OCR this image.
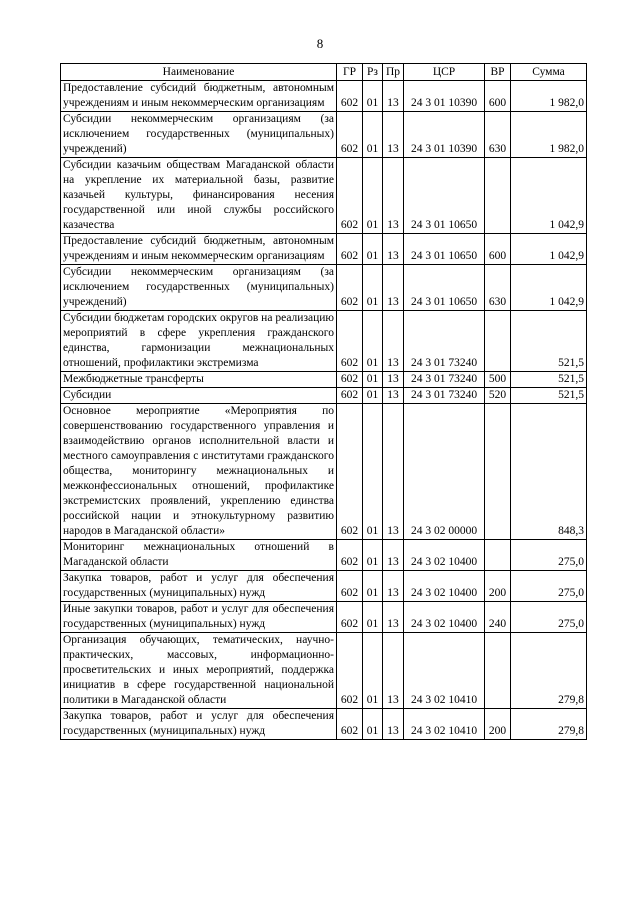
8
Наименование	ГР	Рз	Пр	ЦСР	ВР	Сумма
Предоставление субсидий бюджетным, автономным учреждениям и иным некоммерческим организациям	602	01	13	24 3 01 10390	600	1 982,0
Субсидии некоммерческим организациям (за исключением государственных (муниципальных) учреждений)	602	01	13	24 3 01 10390	630	1 982,0
Субсидии казачьим обществам Магаданской области на укрепление их материальной базы, развитие казачьей культуры, финансирования несения государственной или иной службы российского казачества	602	01	13	24 3 01 10650		1 042,9
Предоставление субсидий бюджетным, автономным учреждениям и иным некоммерческим организациям	602	01	13	24 3 01 10650	600	1 042,9
Субсидии некоммерческим организациям (за исключением государственных (муниципальных) учреждений)	602	01	13	24 3 01 10650	630	1 042,9
Субсидии бюджетам городских округов на реализацию мероприятий в сфере укрепления гражданского единства, гармонизации межнациональных отношений, профилактики экстремизма	602	01	13	24 3 01 73240		521,5
Межбюджетные трансферты	602	01	13	24 3 01 73240	500	521,5
Субсидии	602	01	13	24 3 01 73240	520	521,5
Основное мероприятие «Мероприятия по совершенствованию государственного управления и взаимодействию органов исполнительной власти и местного самоуправления с институтами гражданского общества, мониторингу межнациональных и межконфессиональных отношений, профилактике экстремистских проявлений, укреплению единства российской нации и этнокультурному развитию народов в Магаданской области»	602	01	13	24 3 02 00000		848,3
Мониторинг межнациональных отношений в Магаданской области	602	01	13	24 3 02 10400		275,0
Закупка товаров, работ и услуг для обеспечения государственных (муниципальных) нужд	602	01	13	24 3 02 10400	200	275,0
Иные закупки товаров, работ и услуг для обеспечения государственных (муниципальных) нужд	602	01	13	24 3 02 10400	240	275,0
Организация обучающих, тематических, научно-практических, массовых, информационно-просветительских и иных мероприятий, поддержка инициатив в сфере государственной национальной политики в Магаданской области	602	01	13	24 3 02 10410		279,8
Закупка товаров, работ и услуг для обеспечения государственных (муниципальных) нужд	602	01	13	24 3 02 10410	200	279,8
